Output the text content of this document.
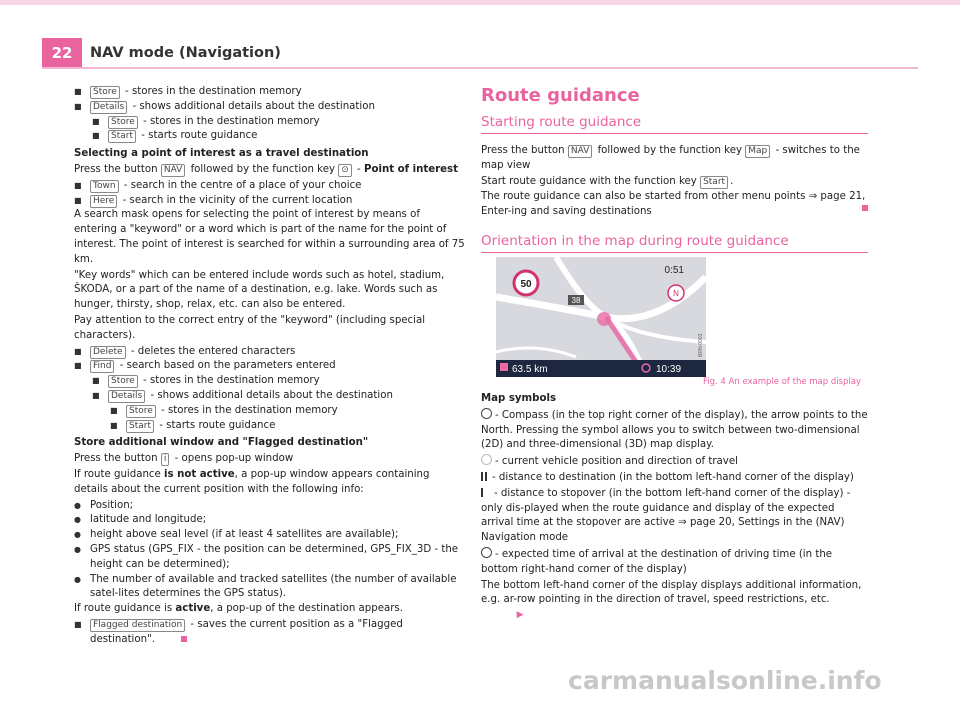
22	NAV mode (Navigation)
■	Store - stores in the destination memory
■	Details - shows additional details about the destination
■	Store - stores in the destination memory
■	Start - starts route guidance

Selecting a point of interest as a travel destination

Press the button NAV followed by the function key ⊙ - Point of interest

■	Town - search in the centre of a place of your choice
■	Here - search in the vicinity of the current location

A search mask opens for selecting the point of interest by means of entering a "keyword" or a word which is part of the name for the point of interest. The point of interest is searched for within a surrounding area of 75 km.

"Key words" which can be entered include words such as hotel, stadium, ŠKODA, or a part of the name of a destination, e.g. lake. Words such as hunger, thirsty, shop, relax, etc. can also be entered.

Pay attention to the correct entry of the "keyword" (including special characters).

■	Delete - deletes the entered characters
■	Find - search based on the parameters entered
■	Store - stores in the destination memory
■	Details - shows additional details about the destination
■	Store - stores in the destination memory
■	Start - starts route guidance

Store additional window and "Flagged destination"

Press the button i - opens pop-up window

If route guidance is not active, a pop-up window appears containing details about the current position with the following info:

● Position;
● latitude and longitude;
● height above seal level (if at least 4 satellites are available);
● GPS status (GPS_FIX - the position can be determined, GPS_FIX_3D - the height can be determined);
● The number of available and tracked satellites (the number of available satel-lites determines the GPS status).

If route guidance is active, a pop-up of the destination appears.

■	Flagged destination - saves the current position as a "Flagged destination".
Route guidance
Starting route guidance

Press the button NAV followed by the function key Map - switches to the map view

Start route guidance with the function key Start .

The route guidance can also be started from other menu points ⇒ page 21, Enter-ing and saving destinations

Orientation in the map during route guidance
50
38
0:51
N
63.5 km	10:39
BRN-0003
Fig. 4 An example of the map display

Map symbols

- Compass (in the top right corner of the display), the arrow points to the North. Pressing the symbol allows you to switch between two-dimensional (2D) and three-dimensional (3D) map display.

- current vehicle position and direction of travel

- distance to destination (in the bottom left-hand corner of the display)

- distance to stopover (in the bottom left-hand corner of the display) - only dis-played when the route guidance and display of the expected arrival time at the stopover are active ⇒ page 20, Settings in the (NAV) Navigation mode

- expected time of arrival at the destination of driving time (in the bottom right-hand corner of the display)

The bottom left-hand corner of the display displays additional information, e.g. ar-row pointing in the direction of travel, speed restrictions, etc.            ▶

carmanualsonline.info
